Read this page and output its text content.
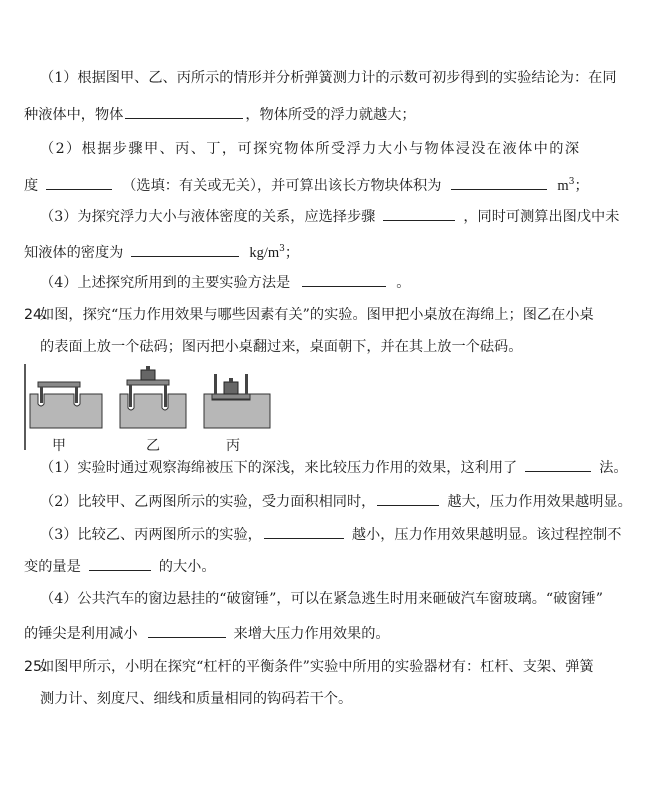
（1）根据图甲、乙、丙所示的情形并分析弹簧测力计的示数可初步得到的实验结论为：在同
种液体中，物体	，物体所受的浮力就越大；
（2）根据步骤甲、丙、丁，可探究物体所受浮力大小与物体浸没在液体中的深
度	（选填：有关或无关），并可算出该长方物块体积为	$m^3$；
（3）为探究浮力大小与液体密度的关系，应选择步骤	，同时可测算出图戊中未
知液体的密度为	$kg/m^3$；
（4）上述探究所用到的主要实验方法是	。
24.如图，探究“压力作用效果与哪些因素有关”的实验。图甲把小桌放在海绵上；图乙在小桌
的表面上放一个砝码；图丙把小桌翻过来，桌面朝下，并在其上放一个砝码。
甲	乙	丙
（1）实验时通过观察海绵被压下的深浅，来比较压力作用的效果，这利用了	法。
（2）比较甲、乙两图所示的实验，受力面积相同时，	越大，压力作用效果越明显。
（3）比较乙、丙两图所示的实验，	越小，压力作用效果越明显。该过程控制不
变的量是	的大小。
（4）公共汽车的窗边悬挂的“破窗锤”，可以在紧急逃生时用来砸破汽车窗玻璃。“破窗锤”
的锤尖是利用减小	来增大压力作用效果的。
25.如图甲所示，小明在探究“杠杆的平衡条件”实验中所用的实验器材有：杠杆、支架、弹簧
测力计、刻度尺、细线和质量相同的钩码若干个。
